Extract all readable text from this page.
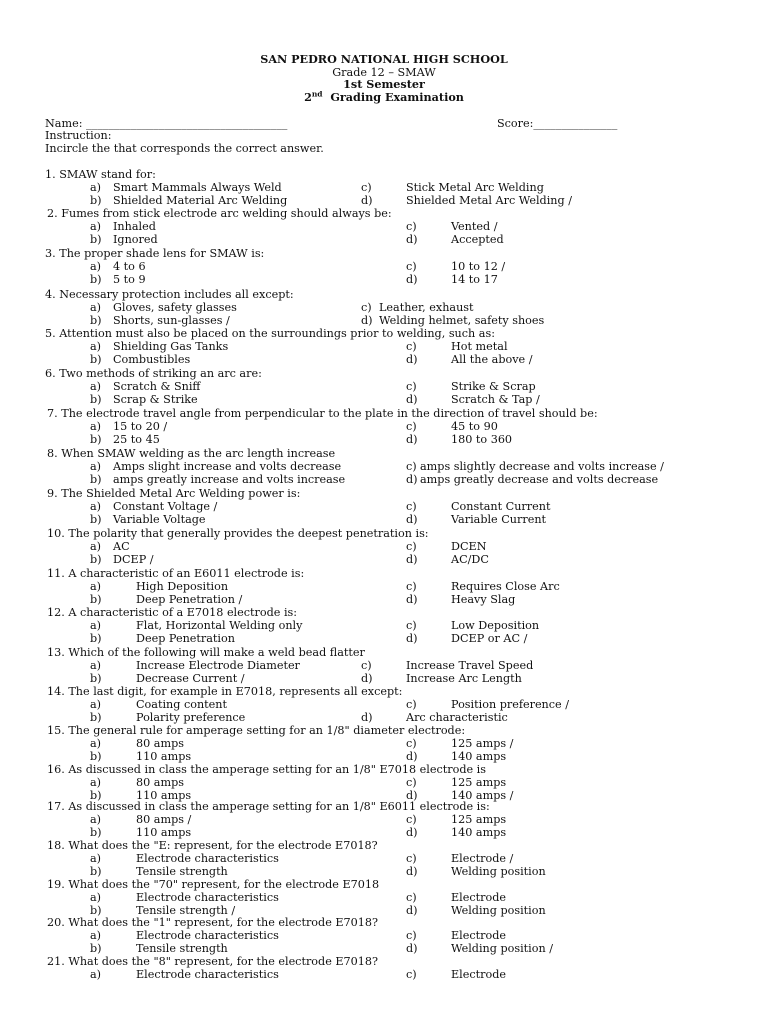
SAN PEDRO NATIONAL HIGH SCHOOL
Grade 12 – SMAW
1st Semester
2nd Grading Examination
Name: ____________________________________	Score:_______________
Instruction:
Incircle the that corresponds the correct answer.
1. SMAW stand for:
a) Smart Mammals Always Weld	c)	Stick Metal Arc Welding
b) Shielded Material Arc Welding	d)	Shielded Metal Arc Welding /
2. Fumes from stick electrode arc welding should always be:
a) Inhaled	c)	Vented /
b) Ignored	d)	Accepted
3. The proper shade lens for SMAW is:
a) 4 to 6	c)	10 to 12 /
b) 5 to 9	d)	14 to 17
4. Necessary protection includes all except:
a) Gloves, safety glasses	c) Leather, exhaust
b) Shorts, sun-glasses /	d) Welding helmet, safety shoes
5. Attention must also be placed on the surroundings prior to welding, such as:
a) Shielding Gas Tanks	c)	Hot metal
b) Combustibles	d)	All the above /
6. Two methods of striking an arc are:
a) Scratch & Sniff	c)	Strike & Scrap
b) Scrap & Strike	d)	Scratch & Tap /
7. The electrode travel angle from perpendicular to the plate in the direction of travel should be:
a) 15 to 20 /	c)	45 to 90
b) 25 to 45	d)	180 to 360
8. When SMAW welding as the arc length increase
a) Amps slight increase and volts decrease	c) amps slightly decrease and volts increase /
b) amps greatly increase and volts increase	d) amps greatly decrease and volts decrease
9. The Shielded Metal Arc Welding power is:
a) Constant Voltage /	c)	Constant Current
b) Variable Voltage	d)	Variable Current
10. The polarity that generally provides the deepest penetration is:
a) AC	c)	DCEN
b) DCEP /	d)	AC/DC
11. A characteristic of an E6011 electrode is:
a)	High Deposition	c)	Requires Close Arc
b)	Deep Penetration /	d)	Heavy Slag
12. A characteristic of a E7018 electrode is:
a)	Flat, Horizontal Welding only	c)	Low Deposition
b)	Deep Penetration	d)	DCEP or AC /
13. Which of the following will make a weld bead flatter
a)	Increase Electrode Diameter	c)	Increase Travel Speed
b)	Decrease Current /	d)	Increase Arc Length
14. The last digit, for example in E7018, represents all except:
a)	Coating content	c)	Position preference /
b)	Polarity preference	d)	Arc characteristic
15. The general rule for amperage setting for an 1/8" diameter electrode:
a)	80 amps	c)	125 amps /
b)	110 amps	d)	140 amps
16. As discussed in class the amperage setting for an 1/8" E7018 electrode is
a)	80 amps	c)	125 amps
b)	110 amps	d)	140 amps /
17. As discussed in class the amperage setting for an 1/8" E6011 electrode is:
a)	80 amps /	c)	125 amps
b)	110 amps	d)	140 amps
18. What does the "E: represent, for the electrode E7018?
a)	Electrode characteristics	c)	Electrode /
b)	Tensile strength	d)	Welding position
19. What does the "70" represent, for the electrode E7018
a)	Electrode characteristics	c)	Electrode
b)	Tensile strength /	d)	Welding position
20. What does the "1" represent, for the electrode E7018?
a)	Electrode characteristics	c)	Electrode
b)	Tensile strength	d)	Welding position /
21. What does the "8" represent, for the electrode E7018?
a)	Electrode characteristics	c)	Electrode
